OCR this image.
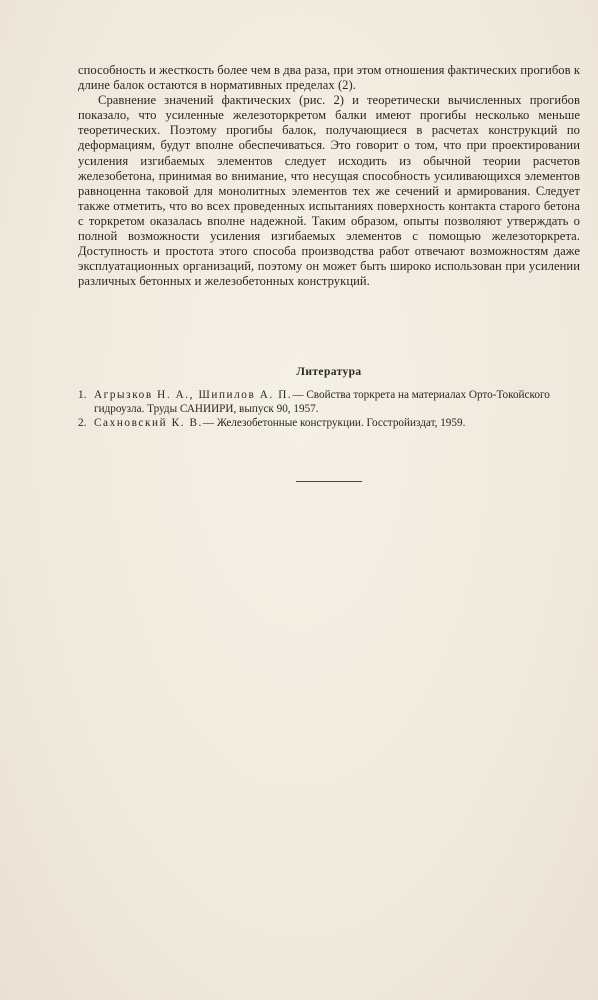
способность и жесткость более чем в два раза, при этом отношения фактических прогибов к длине балок остаются в нормативных пределах (2).

Сравнение значений фактических (рис. 2) и теоретически вычисленных прогибов показало, что усиленные железоторкретом балки имеют прогибы несколько меньше теоретических. Поэтому прогибы балок, получающиеся в расчетах конструкций по деформациям, будут вполне обеспечиваться. Это говорит о том, что при проектировании усиления изгибаемых элементов следует исходить из обычной теории расчетов железобетона, принимая во внимание, что несущая способность усиливающихся элементов равноценна таковой для монолитных элементов тех же сечений и армирования. Следует также отметить, что во всех проведенных испытаниях поверхность контакта старого бетона с торкретом оказалась вполне надежной. Таким образом, опыты позволяют утверждать о полной возможности усиления изгибаемых элементов с помощью железоторкрета. Доступность и простота этого способа производства работ отвечают возможностям даже эксплуатационных организаций, поэтому он может быть широко использован при усилении различных бетонных и железобетонных конструкций.

Литература
1. Агрызков Н. А., Шипилов А. П.— Свойства торкрета на материалах Орто-Токойского гидроузла. Труды САНИИРИ, выпуск 90, 1957.
2. Сахновский К. В.— Железобетонные конструкции. Госстройиздат, 1959.
